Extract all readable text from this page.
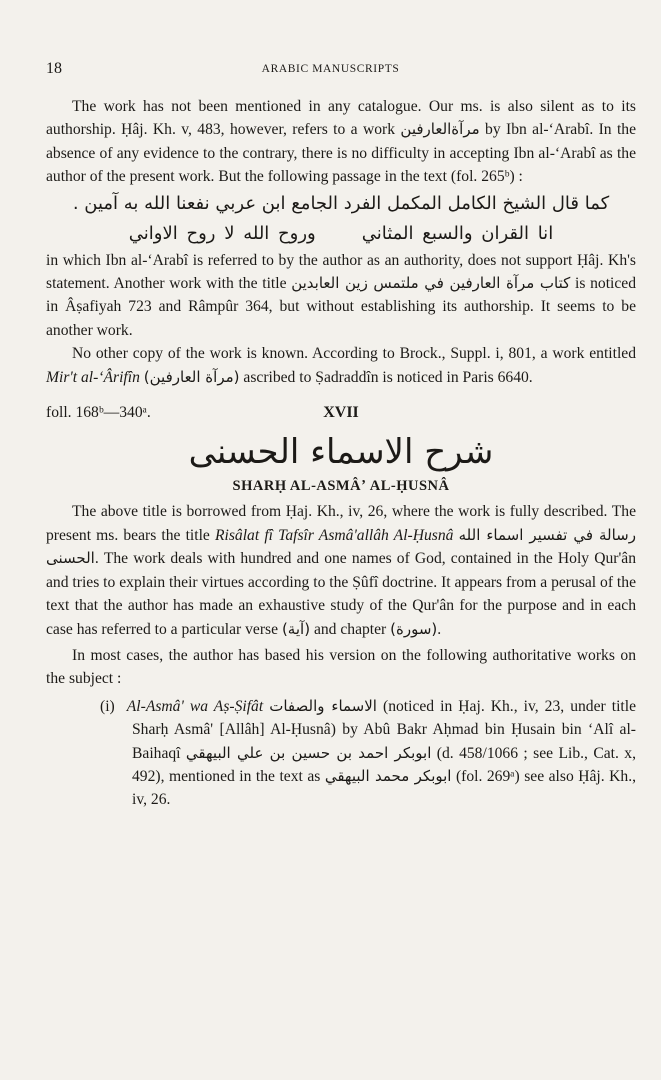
18	ARABIC MANUSCRIPTS

The work has not been mentioned in any catalogue. Our ms. is also silent as to its authorship. Ḥâj. Kh. v, 483, however, refers to a work مرآةالعارفين by Ibn al-ʻArabî. In the absence of any evidence to the contrary, there is no difficulty in accepting Ibn al-ʻArabî as the author of the present work. But the following passage in the text (fol. 265ᵇ) :

كما قال الشيخ الكامل المكمل الفرد الجامع ابن عربي نفعنا الله به آمين .
انا القران والسبع المثانيوروح الله لا روح الاواني

in which Ibn al-ʻArabî is referred to by the author as an authority, does not support Ḥâj. Kh's statement. Another work with the title كتاب مرآة العارفين في ملتمس زين العابدين is noticed in Âṣafiyah 723 and Râmpûr 364, but without establishing its authorship. It seems to be another work.

No other copy of the work is known. According to Brock., Suppl. i, 801, a work entitled Mir't al-ʻÂrifîn (مرآة العارفين) ascribed to Ṣadraddîn is noticed in Paris 6640.

foll. 168ᵇ—340ᵃ.	XVII
شرح الاسماء الحسنى
SHARḤ AL-ASMÂʼ AL-ḤUSNÂ

The above title is borrowed from Ḥaj. Kh., iv, 26, where the work is fully described. The present ms. bears the title Risâlat fî Tafsîr Asmâ'allâh Al-Ḥusnâ رسالة في تفسير اسماء الله الحسنى. The work deals with hundred and one names of God, contained in the Holy Qur'ân and tries to explain their virtues according to the Ṣûfî doctrine. It appears from a perusal of the text that the author has made an exhaustive study of the Qur'ân for the purpose and in each case has referred to a particular verse (آية) and chapter (سورة).

In most cases, the author has based his version on the following authoritative works on the subject :

(i) Al-Asmâ' wa Aṣ-Ṣifât الاسماء والصفات (noticed in Ḥaj. Kh., iv, 23, under title Sharḥ Asmâ' [Allâh] Al-Ḥusnâ) by Abû Bakr Aḥmad bin Ḥusain bin ʻAlî al-Baihaqî ابوبكر احمد بن حسين بن علي البيهقي (d. 458/1066 ; see Lib., Cat. x, 492), mentioned in the text as ابوبكر محمد البيهقي (fol. 269ᵃ) see also Ḥâj. Kh., iv, 26.
